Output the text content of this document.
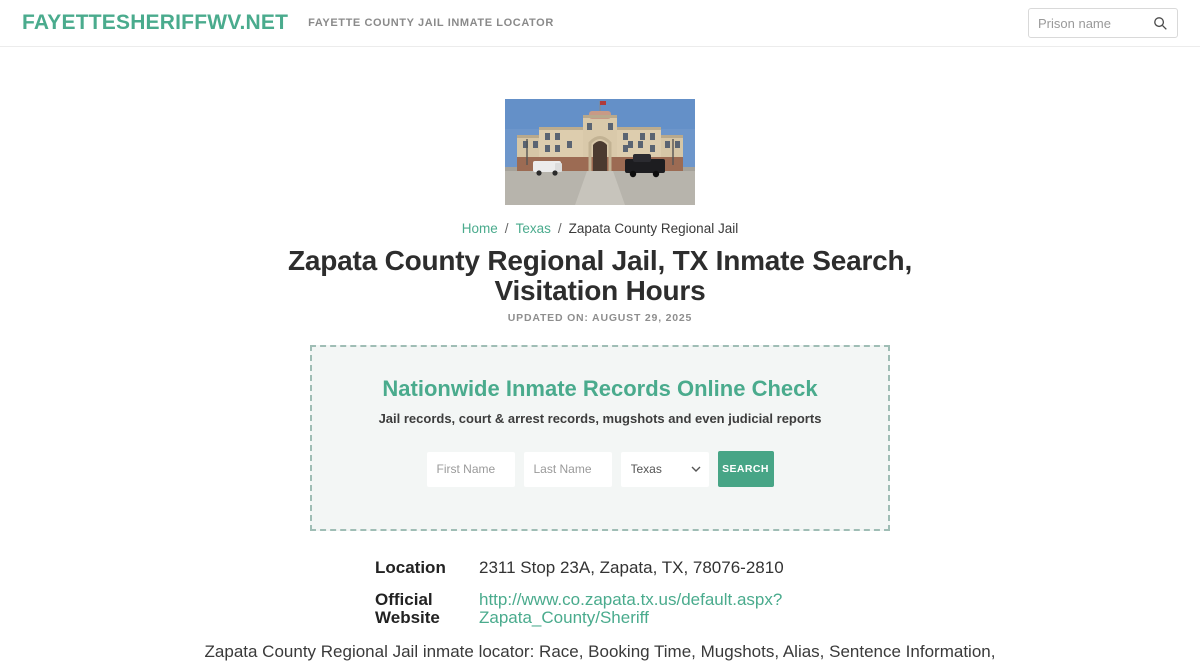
FAYETTESHERIFFWV.NET FAYETTE COUNTY JAIL INMATE LOCATOR
Prison name
Home / Texas / Zapata County Regional Jail
Zapata County Regional Jail, TX Inmate Search, Visitation Hours
UPDATED ON: AUGUST 29, 2025
Nationwide Inmate Records Online Check
Jail records, court & arrest records, mugshots and even judicial reports
First Name
Last Name
Texas
SEARCH
Location	2311 Stop 23A, Zapata, TX, 78076-2810
Official Website
http://www.co.zapata.tx.us/default.aspx?Zapata_County/Sheriff
Zapata County Regional Jail inmate locator: Race, Booking Time, Mugshots, Alias, Sentence Information,
